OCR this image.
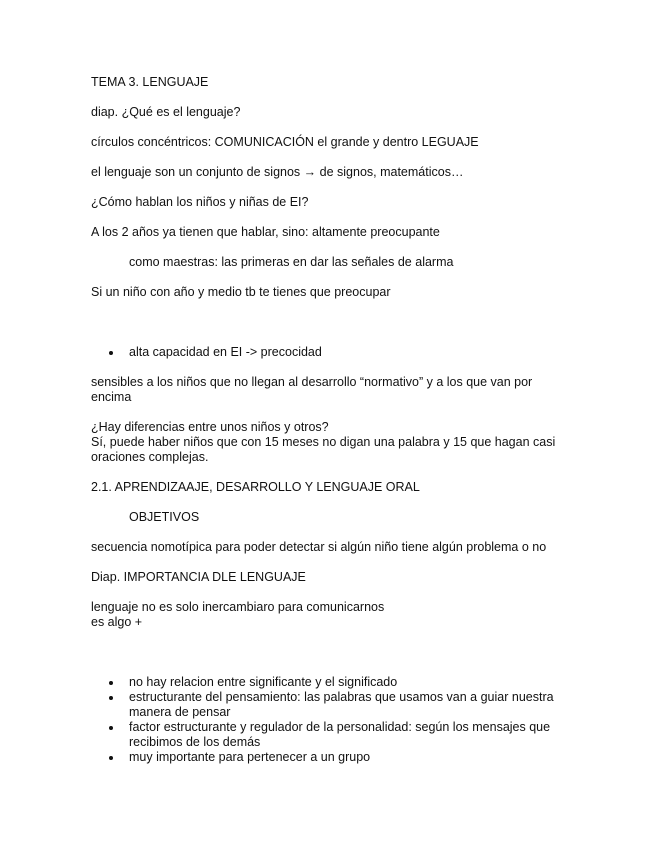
TEMA 3. LENGUAJE

diap. ¿Qué es el lenguaje?

círculos concéntricos: COMUNICACIÓN el grande y dentro LEGUAJE

el lenguaje son un conjunto de signos → de signos, matemáticos…

¿Cómo hablan los niños y niñas de EI?

A los 2 años ya tienen que hablar, sino: altamente preocupante

como maestras: las primeras en dar las señales de alarma

Si un niño con año y medio tb te tienes que preocupar

alta capacidad en EI -> precocidad

sensibles a los niños que no llegan al desarrollo “normativo” y a los que van por encima

¿Hay diferencias entre unos niños y otros?

Sí, puede haber niños que con 15 meses no digan una palabra y 15 que hagan casi oraciones complejas.

2.1. APRENDIZAAJE, DESARROLLO Y LENGUAJE ORAL

OBJETIVOS

secuencia nomotípica para poder detectar si algún niño tiene algún problema o no

Diap. IMPORTANCIA DLE LENGUAJE

lenguaje no es solo inercambiaro para comunicarnos

es algo +

no hay relacion entre significante y el significado
estructurante del pensamiento: las palabras que usamos van a guiar nuestra manera de pensar
factor estructurante y regulador de la personalidad: según los mensajes que recibimos de los demás
muy importante para pertenecer a un grupo
